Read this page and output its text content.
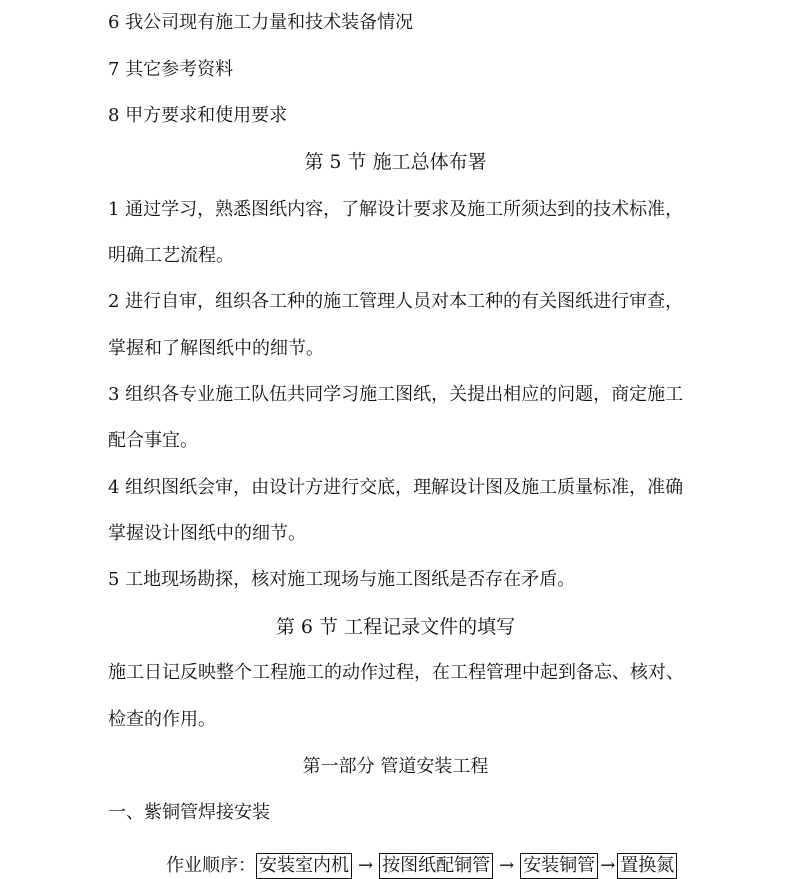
6 我公司现有施工力量和技术装备情况

7 其它参考资料

8 甲方要求和使用要求

第 5 节 施工总体布署

1 通过学习，熟悉图纸内容，了解设计要求及施工所须达到的技术标准，

明确工艺流程。

2 进行自审，组织各工种的施工管理人员对本工种的有关图纸进行审查，

掌握和了解图纸中的细节。

3 组织各专业施工队伍共同学习施工图纸，关提出相应的问题，商定施工

配合事宜。

4 组织图纸会审，由设计方进行交底，理解设计图及施工质量标准，准确

掌握设计图纸中的细节。

5 工地现场勘探，核对施工现场与施工图纸是否存在矛盾。

第 6 节 工程记录文件的填写

施工日记反映整个工程施工的动作过程，在工程管理中起到备忘、核对、

检查的作用。

第一部分 管道安装工程

一、紫铜管焊接安装

作业顺序： 安装室内机 → 按图纸配铜管 → 安装铜管 → 置换氮
